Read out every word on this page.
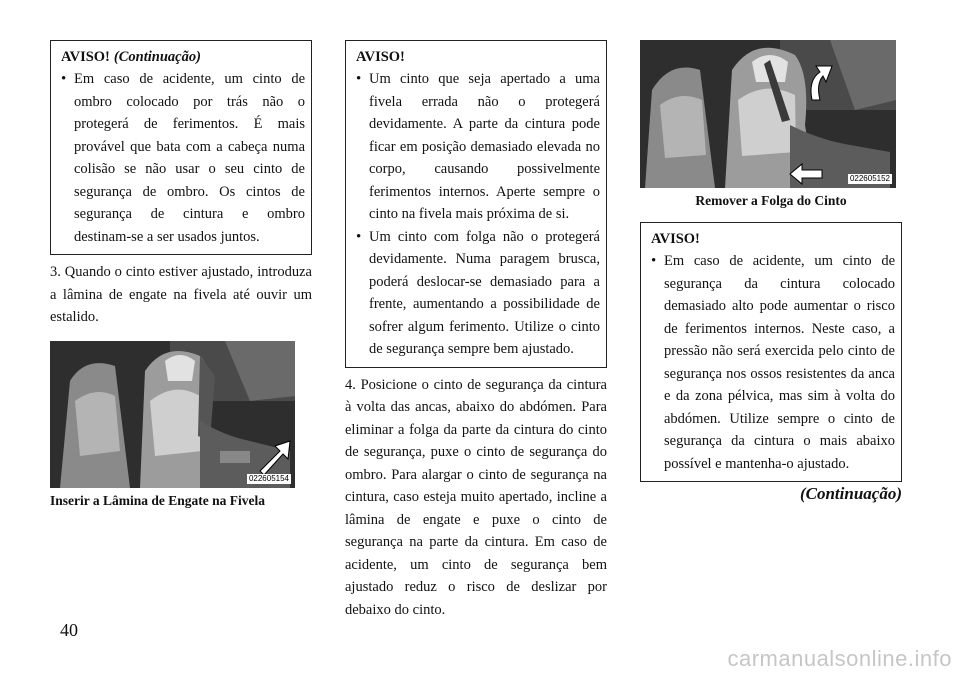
AVISO! (Continuação)
• Em caso de acidente, um cinto de ombro colocado por trás não o protegerá de ferimentos. É mais provável que bata com a cabeça numa colisão se não usar o seu cinto de segurança de ombro. Os cintos de segurança de cintura e ombro destinam-se a ser usados juntos.

3. Quando o cinto estiver ajustado, introduza a lâmina de engate na fivela até ouvir um estalido.

022605154
Inserir a Lâmina de Engate na Fivela
AVISO!
• Um cinto que seja apertado a uma fivela errada não o protegerá devidamente. A parte da cintura pode ficar em posição demasiado elevada no corpo, causando possivelmente ferimentos internos. Aperte sempre o cinto na fivela mais próxima de si.
• Um cinto com folga não o protegerá devidamente. Numa paragem brusca, poderá deslocar-se demasiado para a frente, aumentando a possibilidade de sofrer algum ferimento. Utilize o cinto de segurança sempre bem ajustado.

4. Posicione o cinto de segurança da cintura à volta das ancas, abaixo do abdómen. Para eliminar a folga da parte da cintura do cinto de segurança, puxe o cinto de segurança do ombro. Para alargar o cinto de segurança na cintura, caso esteja muito apertado, incline a lâmina de engate e puxe o cinto de segurança na parte da cintura. Em caso de acidente, um cinto de segurança bem ajustado reduz o risco de deslizar por debaixo do cinto.

022605152
Remover a Folga do Cinto
AVISO!
• Em caso de acidente, um cinto de segurança da cintura colocado demasiado alto pode aumentar o risco de ferimentos internos. Neste caso, a pressão não será exercida pelo cinto de segurança nos ossos resistentes da anca e da zona pélvica, mas sim à volta do abdómen. Utilize sempre o cinto de segurança da cintura o mais abaixo possível e mantenha-o ajustado.
(Continuação)
40
carmanualsonline.info
